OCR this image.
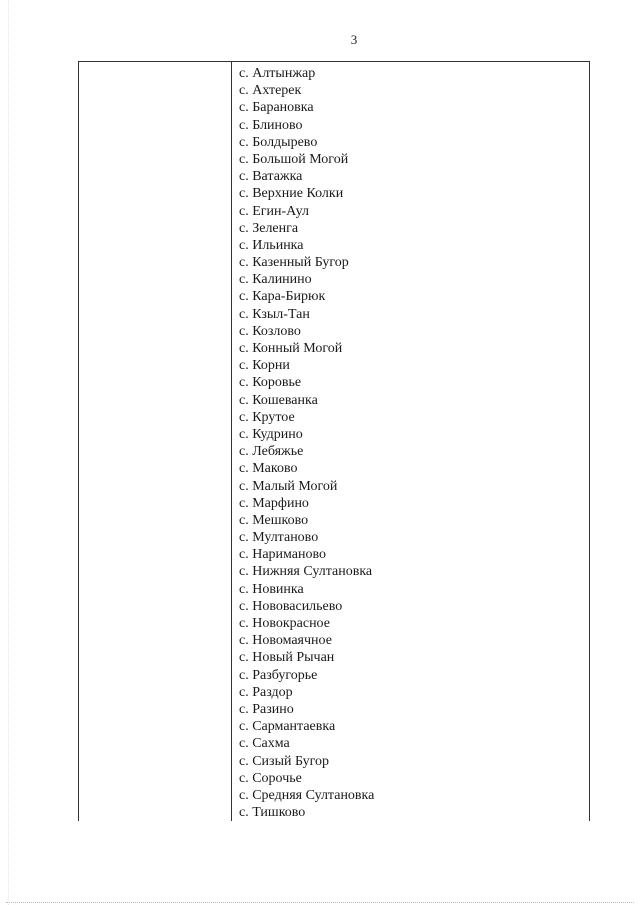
3
с. Алтынжар
с. Ахтерек
с. Барановка
с. Блиново
с. Болдырево
с. Большой Могой
с. Ватажка
с. Верхние Колки
с. Егин-Аул
с. Зеленга
с. Ильинка
с. Казенный Бугор
с. Калинино
с. Кара-Бирюк
с. Кзыл-Тан
с. Козлово
с. Конный Могой
с. Корни
с. Коровье
с. Кошеванка
с. Крутое
с. Кудрино
с. Лебяжье
с. Маково
с. Малый Могой
с. Марфино
с. Мешково
с. Мултаново
с. Нариманово
с. Нижняя Султановка
с. Новинка
с. Нововасильево
с. Новокрасное
с. Новомаячное
с. Новый Рычан
с. Разбугорье
с. Раздор
с. Разино
с. Сармантаевка
с. Сахма
с. Сизый Бугор
с. Сорочье
с. Средняя Султановка
с. Тишково
